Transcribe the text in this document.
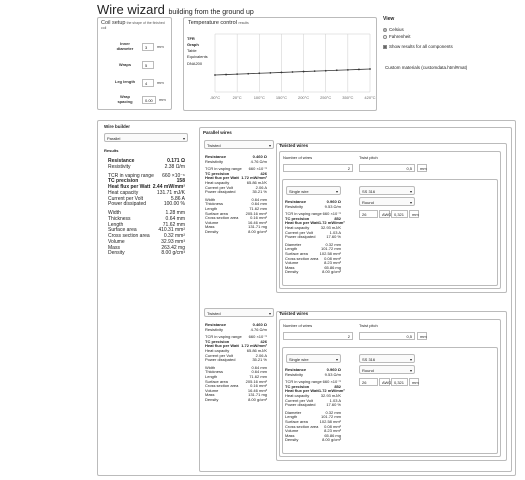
Wire wizard building from the ground up
Coil setup the shape of the finished coil
Inner diameter	3	mm
Wraps	5
Leg length	4	mm
Wrap spacing	0.00	mm
Temperature control results
TFR
Graph
Table
Equivalents
DNA200
-50°C	20°C	100°C	150°C	200°C	250°C	350°C	420°C
View
Celsius
Fahrenheit
Show results for all components
Custom materials (customdata.html#mat)
Wire builder
Parallel	▾
Results
Resistance	0.171 Ω
Resistivity	2.38 Ω/m
TCR in vaping range 660 ×10⁻⁶
TC precision	158
Heat flux per Watt 2.44 mW/mm²
Heat capacity	131.71 mJ/K
Current per Volt	5.86 A
Power dissipated	100.00 %
Width	1.28 mm
Thickness	0.64 mm
Length	71.62 mm
Surface area	410.31 mm²
Cross section area	0.32 mm²
Volume	32.93 mm³
Mass	263.42 mg
Density	8.00 g/cm³
Parallel wires
Twisted	▾
Resistance	0.460 Ω
Resistivity	4.76 Ω/m
TCR in vaping range 660 ×10⁻⁶
TC precision	426
Heat flux per Watt 1.72 mW/mm²
Heat capacity	65.86 mJ/K
Current per Volt	2.06 A
Power dissipated	35.21 %
Width	0.64 mm
Thickness	0.64 mm
Length	71.62 mm
Surface area	205.16 mm²
Cross section area	0.16 mm²
Volume	16.46 mm³
Mass	131.71 mg
Density	8.00 g/cm³
Twisted wires
Number of wires
2
Twist pitch
0,5	mm
Single wire	▾	SS 316	▾
Round	▾
26	AWG 0,321	mm
Resistance	0.960 Ω
Resistivity	9.53 Ω/m
TCR in vaping range 660 ×10⁻⁶
TC precision	852
Heat flux per Watt 1.72 mW/mm²
Heat capacity	32.93 mJ/K
Current per Volt	1.03 A
Power dissipated	17.60 %
Diameter	0.32 mm
Length	101.72 mm
Surface area	102.58 mm²
Cross section area 0.08 mm²
Volume	8.23 mm³
Mass	65.86 mg
Density	8.00 g/cm³
Twisted	▾
Resistance	0.460 Ω
Resistivity	4.76 Ω/m
TCR in vaping range 660 ×10⁻⁶
TC precision	426
Heat flux per Watt 1.72 mW/mm²
Heat capacity	65.86 mJ/K
Current per Volt	2.06 A
Power dissipated	35.21 %
Width	0.64 mm
Thickness	0.64 mm
Length	71.62 mm
Surface area	205.16 mm²
Cross section area	0.16 mm²
Volume	16.46 mm³
Mass	131.71 mg
Density	8.00 g/cm³
Twisted wires
Number of wires
2
Twist pitch
0,5	mm
Single wire	▾	SS 316	▾
Round	▾
26	AWG 0,321	mm
Resistance	0.960 Ω
Resistivity	9.53 Ω/m
TCR in vaping range 660 ×10⁻⁶
TC precision	852
Heat flux per Watt 1.72 mW/mm²
Heat capacity	32.93 mJ/K
Current per Volt	1.03 A
Power dissipated	17.60 %
Diameter	0.32 mm
Length	101.72 mm
Surface area	102.58 mm²
Cross section area 0.08 mm²
Volume	8.23 mm³
Mass	65.86 mg
Density	8.00 g/cm³
